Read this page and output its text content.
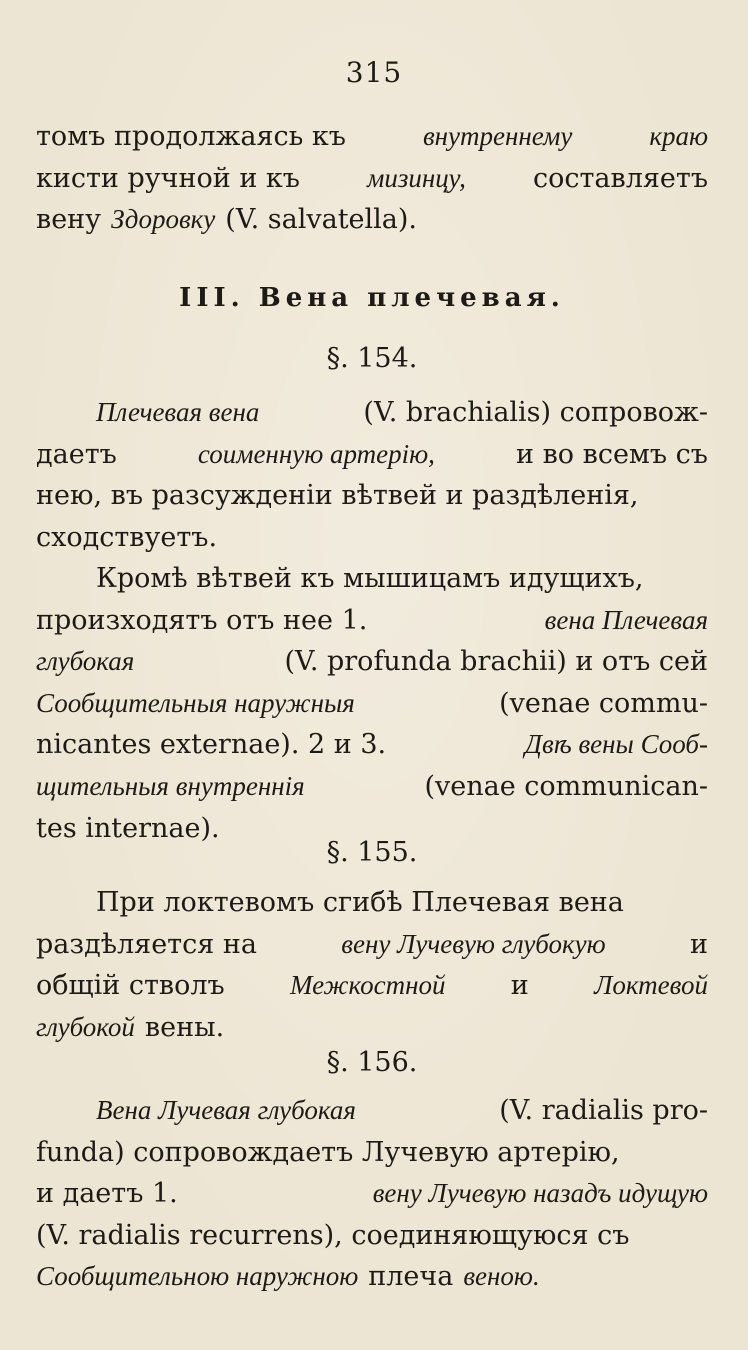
315
томъ продолжаясь къ	внутреннему	краю
кисти ручной и къ мизинцу, составляетъ
вену Здоровку (V. salvatella).
III. Вена плечевая.
§. 154.
Плечевая вена	(V. brachialis) сопровож-
даетъ	соименную артерію,	и во всемъ съ
нею, въ разсужденіи вѣтвей и раздѣленія,
сходствуетъ.
Кромѣ вѣтвей къ мышицамъ идущихъ,
произходятъ отъ нее 1.	вена Плечевая
глубокая	(V. profunda brachii) и отъ сей
Сообщительныя наружныя	(venae commu-
nicantes externae). 2 и 3.	Двѣ вены Сооб-
щительныя внутреннія	(venae communican-
tes internae).
§. 155.
При локтевомъ сгибѣ Плечевая вена
раздѣляется на	вену Лучевую глубокую	и
общій стволъ Межкостной и Локтевой
глубокой вены.
§. 156.
Вена Лучевая глубокая	(V. radialis pro-
funda) сопровождаетъ Лучевую артерію,
и даетъ 1.	вену Лучевую назадъ идущую
(V. radialis recurrens), соединяющуюся съ
Сообщительною наружною плеча веною.
